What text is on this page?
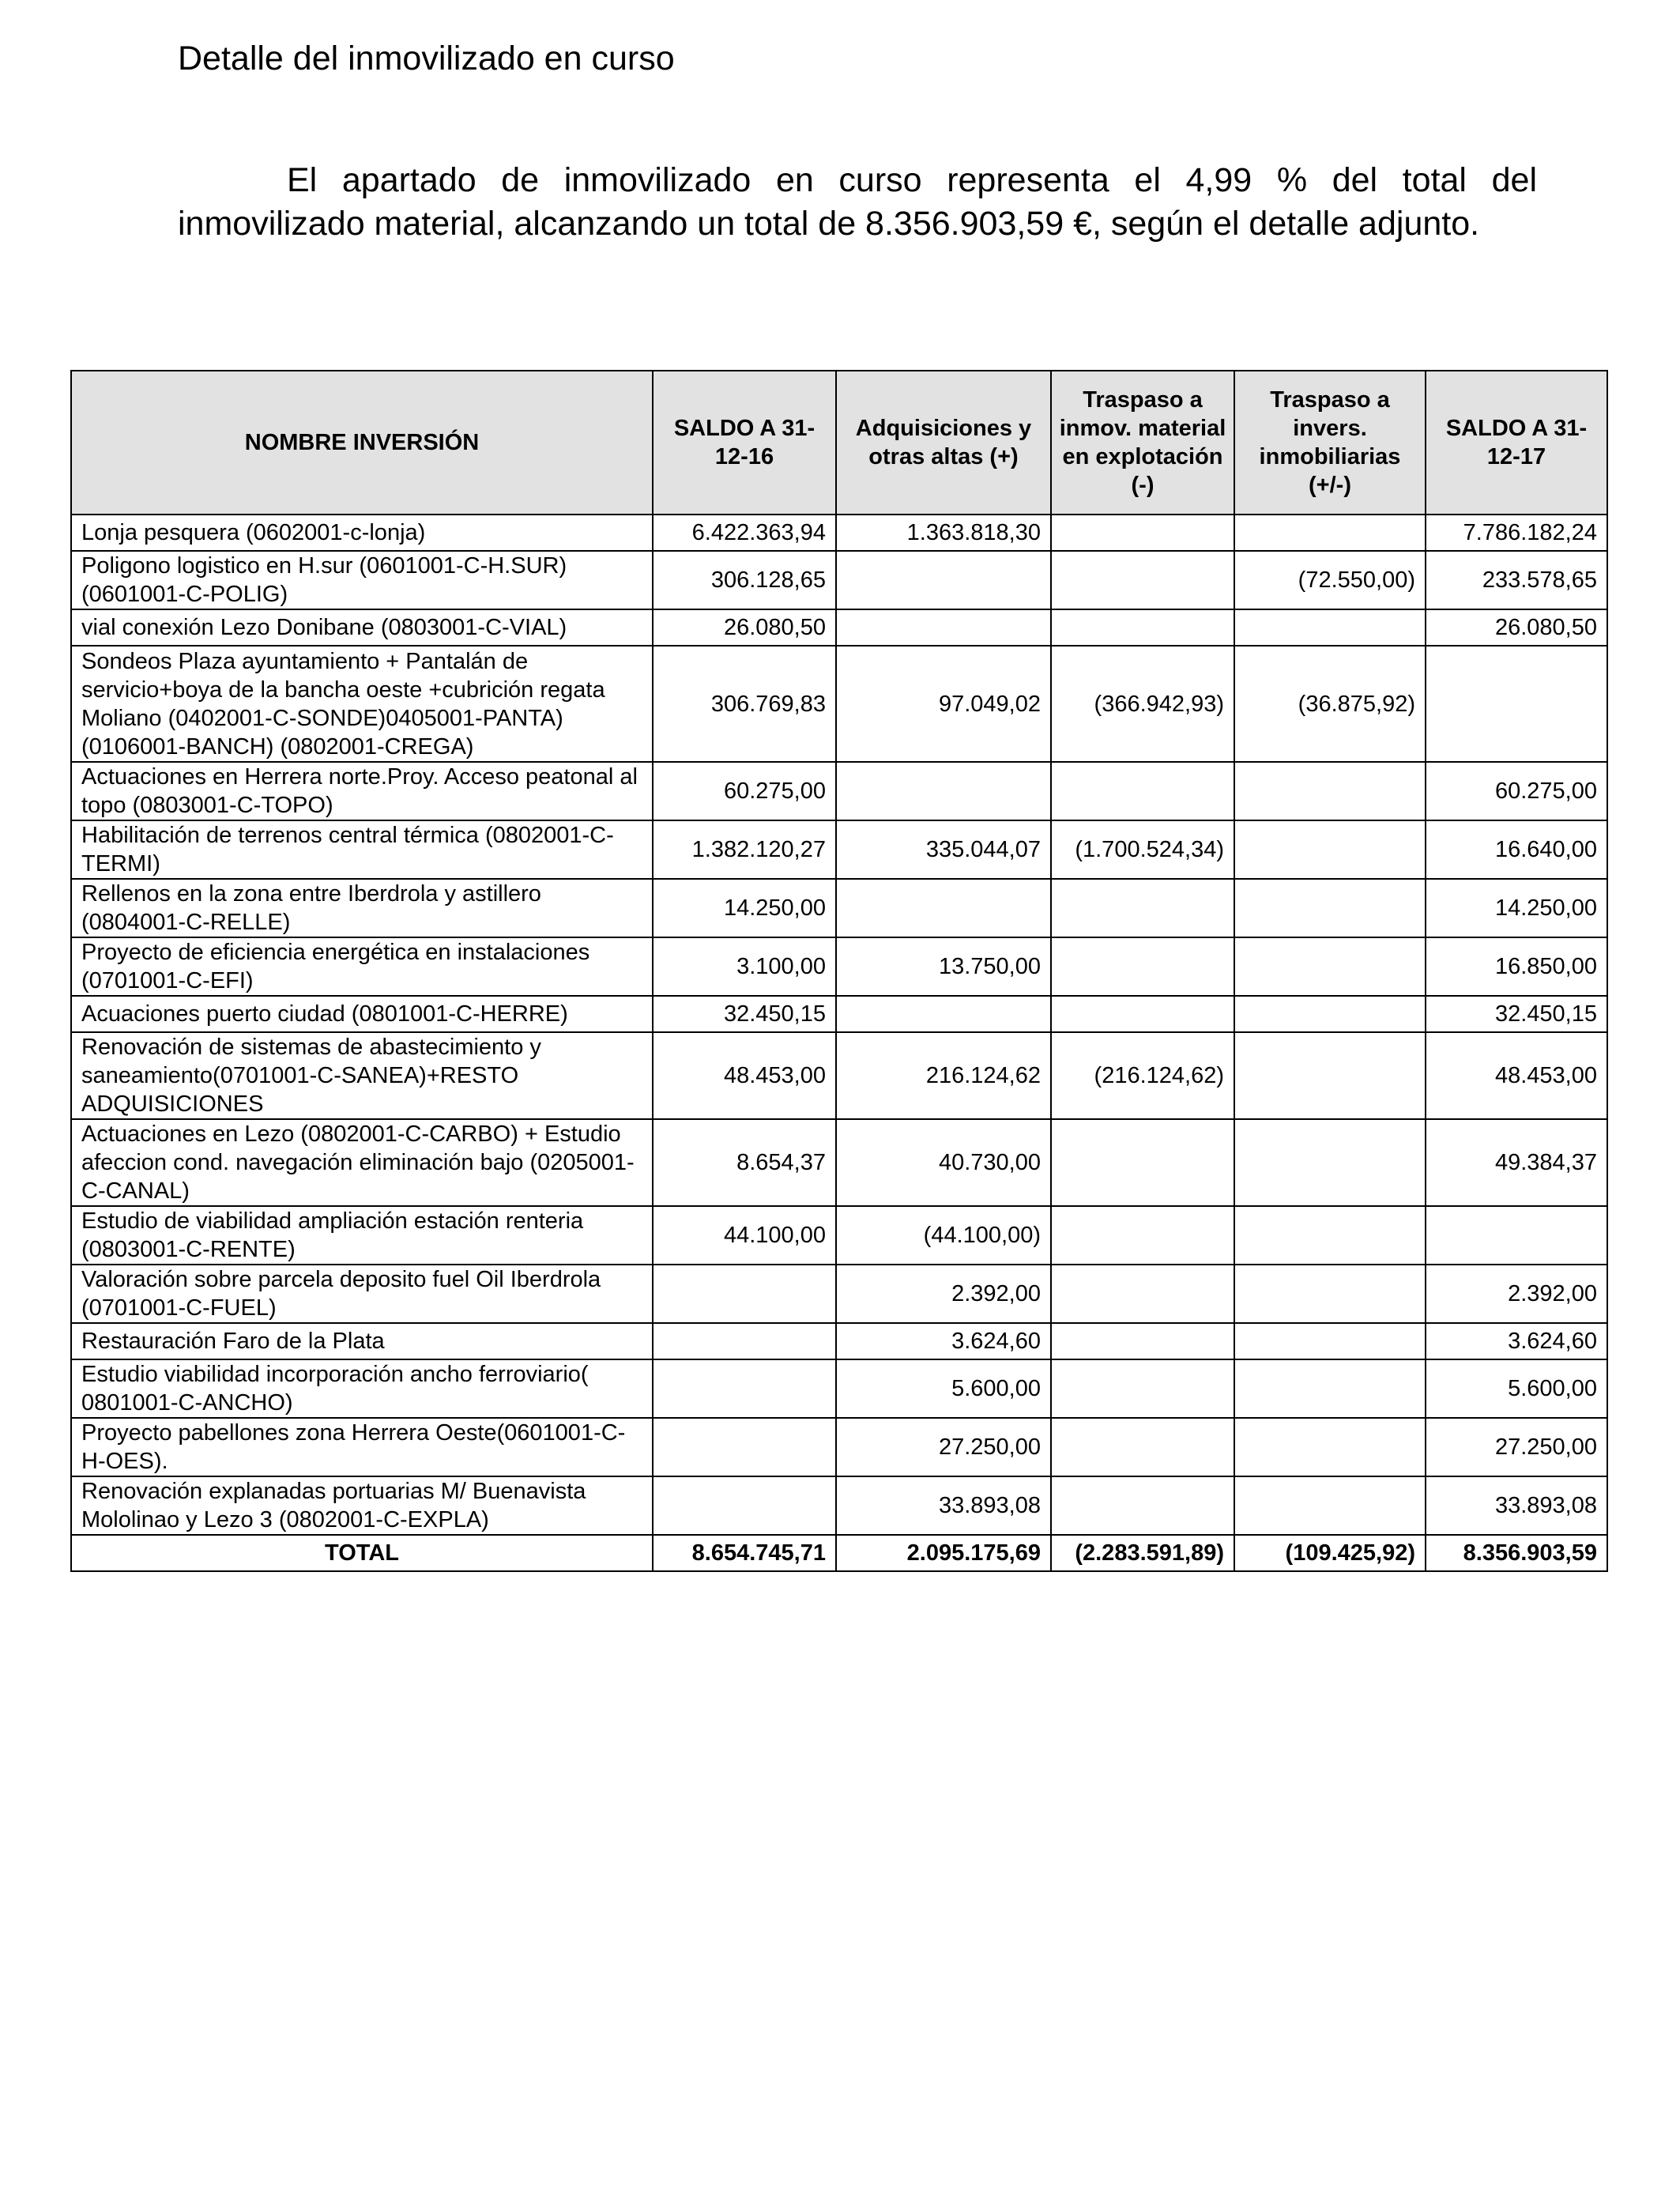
Detalle del inmovilizado en curso

El apartado de inmovilizado en curso representa el 4,99 % del total del inmovilizado material, alcanzando un total de 8.356.903,59 €, según el detalle adjunto.

NOMBRE INVERSIÓN	SALDO A 31-12-16	Adquisiciones y otras altas (+)	Traspaso a inmov. material en explotación (-)	Traspaso a invers. inmobiliarias (+/-)	SALDO A 31-12-17
Lonja pesquera (0602001-c-lonja)	6.422.363,94	1.363.818,30			7.786.182,24
Poligono logistico en H.sur (0601001-C-H.SUR) (0601001-C-POLIG)	306.128,65			(72.550,00)	233.578,65
vial conexión Lezo Donibane (0803001-C-VIAL)	26.080,50				26.080,50
Sondeos Plaza ayuntamiento + Pantalán de servicio+boya de la bancha oeste +cubrición regata Moliano (0402001-C-SONDE)0405001-PANTA) (0106001-BANCH) (0802001-CREGA)	306.769,83	97.049,02	(366.942,93)	(36.875,92)	
Actuaciones en Herrera norte.Proy. Acceso peatonal al topo (0803001-C-TOPO)	60.275,00				60.275,00
Habilitación de terrenos central térmica (0802001-C-TERMI)	1.382.120,27	335.044,07	(1.700.524,34)		16.640,00
Rellenos en la zona entre Iberdrola y astillero (0804001-C-RELLE)	14.250,00				14.250,00
Proyecto de eficiencia energética en instalaciones (0701001-C-EFI)	3.100,00	13.750,00			16.850,00
Acuaciones puerto ciudad (0801001-C-HERRE)	32.450,15				32.450,15
Renovación de sistemas de abastecimiento y saneamiento(0701001-C-SANEA)+RESTO ADQUISICIONES	48.453,00	216.124,62	(216.124,62)		48.453,00
Actuaciones en Lezo (0802001-C-CARBO) + Estudio afeccion cond. navegación eliminación bajo (0205001-C-CANAL)	8.654,37	40.730,00			49.384,37
Estudio de viabilidad ampliación estación renteria (0803001-C-RENTE)	44.100,00	(44.100,00)			
Valoración sobre parcela deposito fuel Oil Iberdrola (0701001-C-FUEL)		2.392,00			2.392,00
Restauración Faro de la Plata		3.624,60			3.624,60
Estudio viabilidad incorporación ancho ferroviario( 0801001-C-ANCHO)		5.600,00			5.600,00
Proyecto pabellones zona Herrera Oeste(0601001-C-H-OES).		27.250,00			27.250,00
Renovación explanadas portuarias M/ Buenavista Mololinao y Lezo 3 (0802001-C-EXPLA)		33.893,08			33.893,08
TOTAL	8.654.745,71	2.095.175,69	(2.283.591,89)	(109.425,92)	8.356.903,59
